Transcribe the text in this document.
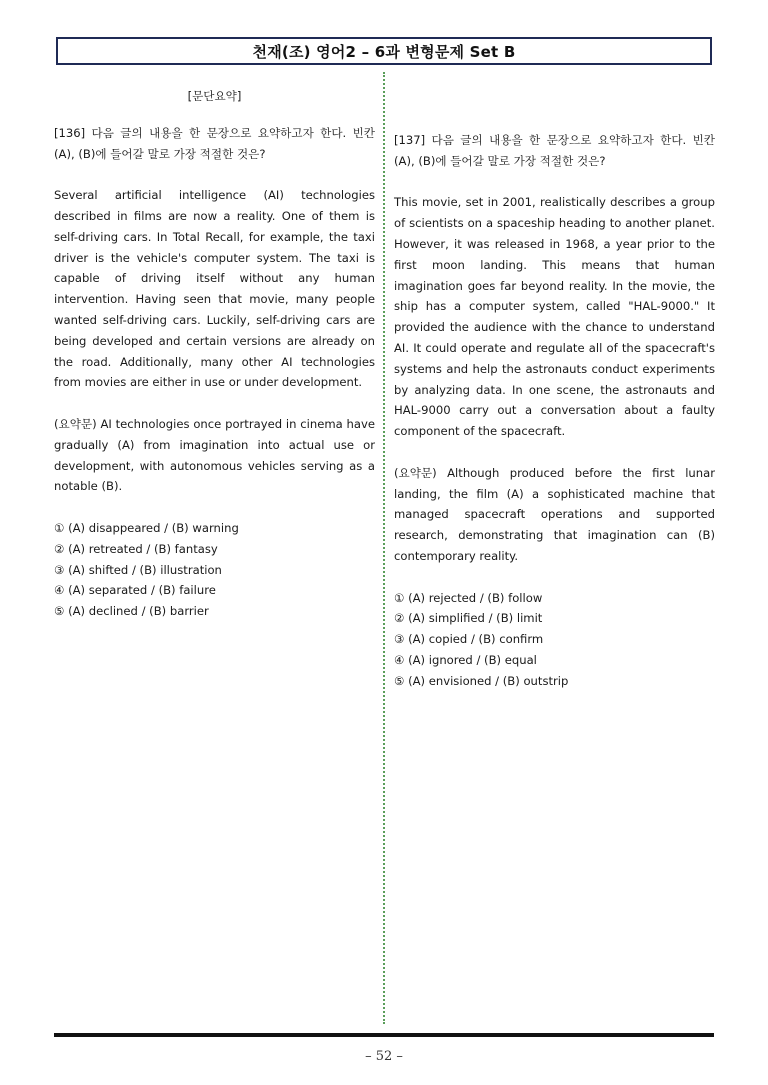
천재(조) 영어2 – 6과 변형문제 Set B
[문단요약]

[136] 다음 글의 내용을 한 문장으로 요약하고자 한다. 빈칸 (A), (B)에 들어갈 말로 가장 적절한 것은?

Several artificial intelligence (AI) technologies described in films are now a reality. One of them is self-driving cars. In Total Recall, for example, the taxi driver is the vehicle's computer system. The taxi is capable of driving itself without any human intervention. Having seen that movie, many people wanted self-driving cars. Luckily, self-driving cars are being developed and certain versions are already on the road. Additionally, many other AI technologies from movies are either in use or under development.

(요약문) AI technologies once portrayed in cinema have gradually (A) from imagination into actual use or development, with autonomous vehicles serving as a notable (B).

① (A) disappeared / (B) warning

② (A) retreated / (B) fantasy

③ (A) shifted / (B) illustration

④ (A) separated / (B) failure

⑤ (A) declined / (B) barrier

[137] 다음 글의 내용을 한 문장으로 요약하고자 한다. 빈칸 (A), (B)에 들어갈 말로 가장 적절한 것은?

This movie, set in 2001, realistically describes a group of scientists on a spaceship heading to another planet. However, it was released in 1968, a year prior to the first moon landing. This means that human imagination goes far beyond reality. In the movie, the ship has a computer system, called "HAL-9000." It provided the audience with the chance to understand AI. It could operate and regulate all of the spacecraft's systems and help the astronauts conduct experiments by analyzing data. In one scene, the astronauts and HAL-9000 carry out a conversation about a faulty component of the spacecraft.

(요약문) Although produced before the first lunar landing, the film (A) a sophisticated machine that managed spacecraft operations and supported research, demonstrating that imagination can (B) contemporary reality.

① (A) rejected / (B) follow

② (A) simplified / (B) limit

③ (A) copied / (B) confirm

④ (A) ignored / (B) equal

⑤ (A) envisioned / (B) outstrip

– 52 –
